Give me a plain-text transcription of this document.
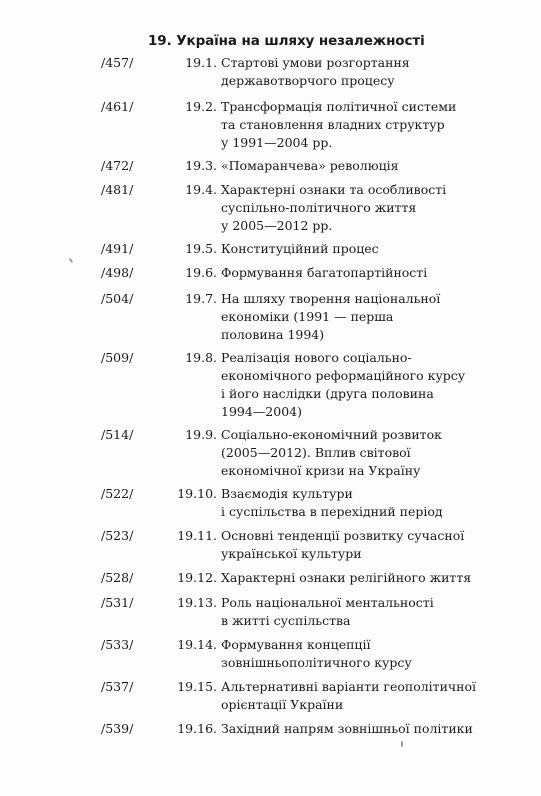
19. Україна на шляху незалежності
/457/	19.1. Стартові умови розгортання
державотворчого процесу
/461/	19.2. Трансформація політичної системи
та становлення владних структур
у 1991—2004 рр.
/472/	19.3. «Помаранчева» революція
/481/	19.4. Характерні ознаки та особливості
суспільно-політичного життя
у 2005—2012 рр.
/491/	19.5. Конституційний процес
/498/	19.6. Формування багатопартійності
/504/	19.7. На шляху творення національної
економіки (1991 — перша
половина 1994)
/509/	19.8. Реалізація нового соціально-
економічного реформаційного курсу
і його наслідки (друга половина
1994—2004)
/514/	19.9. Соціально-економічний розвиток
(2005—2012). Вплив світової
економічної кризи на Україну
/522/	19.10. Взаємодія культури
і суспільства в перехідний період
/523/	19.11. Основні тенденції розвитку сучасної
української культури
/528/	19.12. Характерні ознаки релігійного життя
/531/	19.13. Роль національної ментальності
в житті суспільства
/533/	19.14. Формування концепції
зовнішньополітичного курсу
/537/	19.15. Альтернативні варіанти геополітичної
орієнтації України
/539/	19.16. Західний напрям зовнішньої політики
